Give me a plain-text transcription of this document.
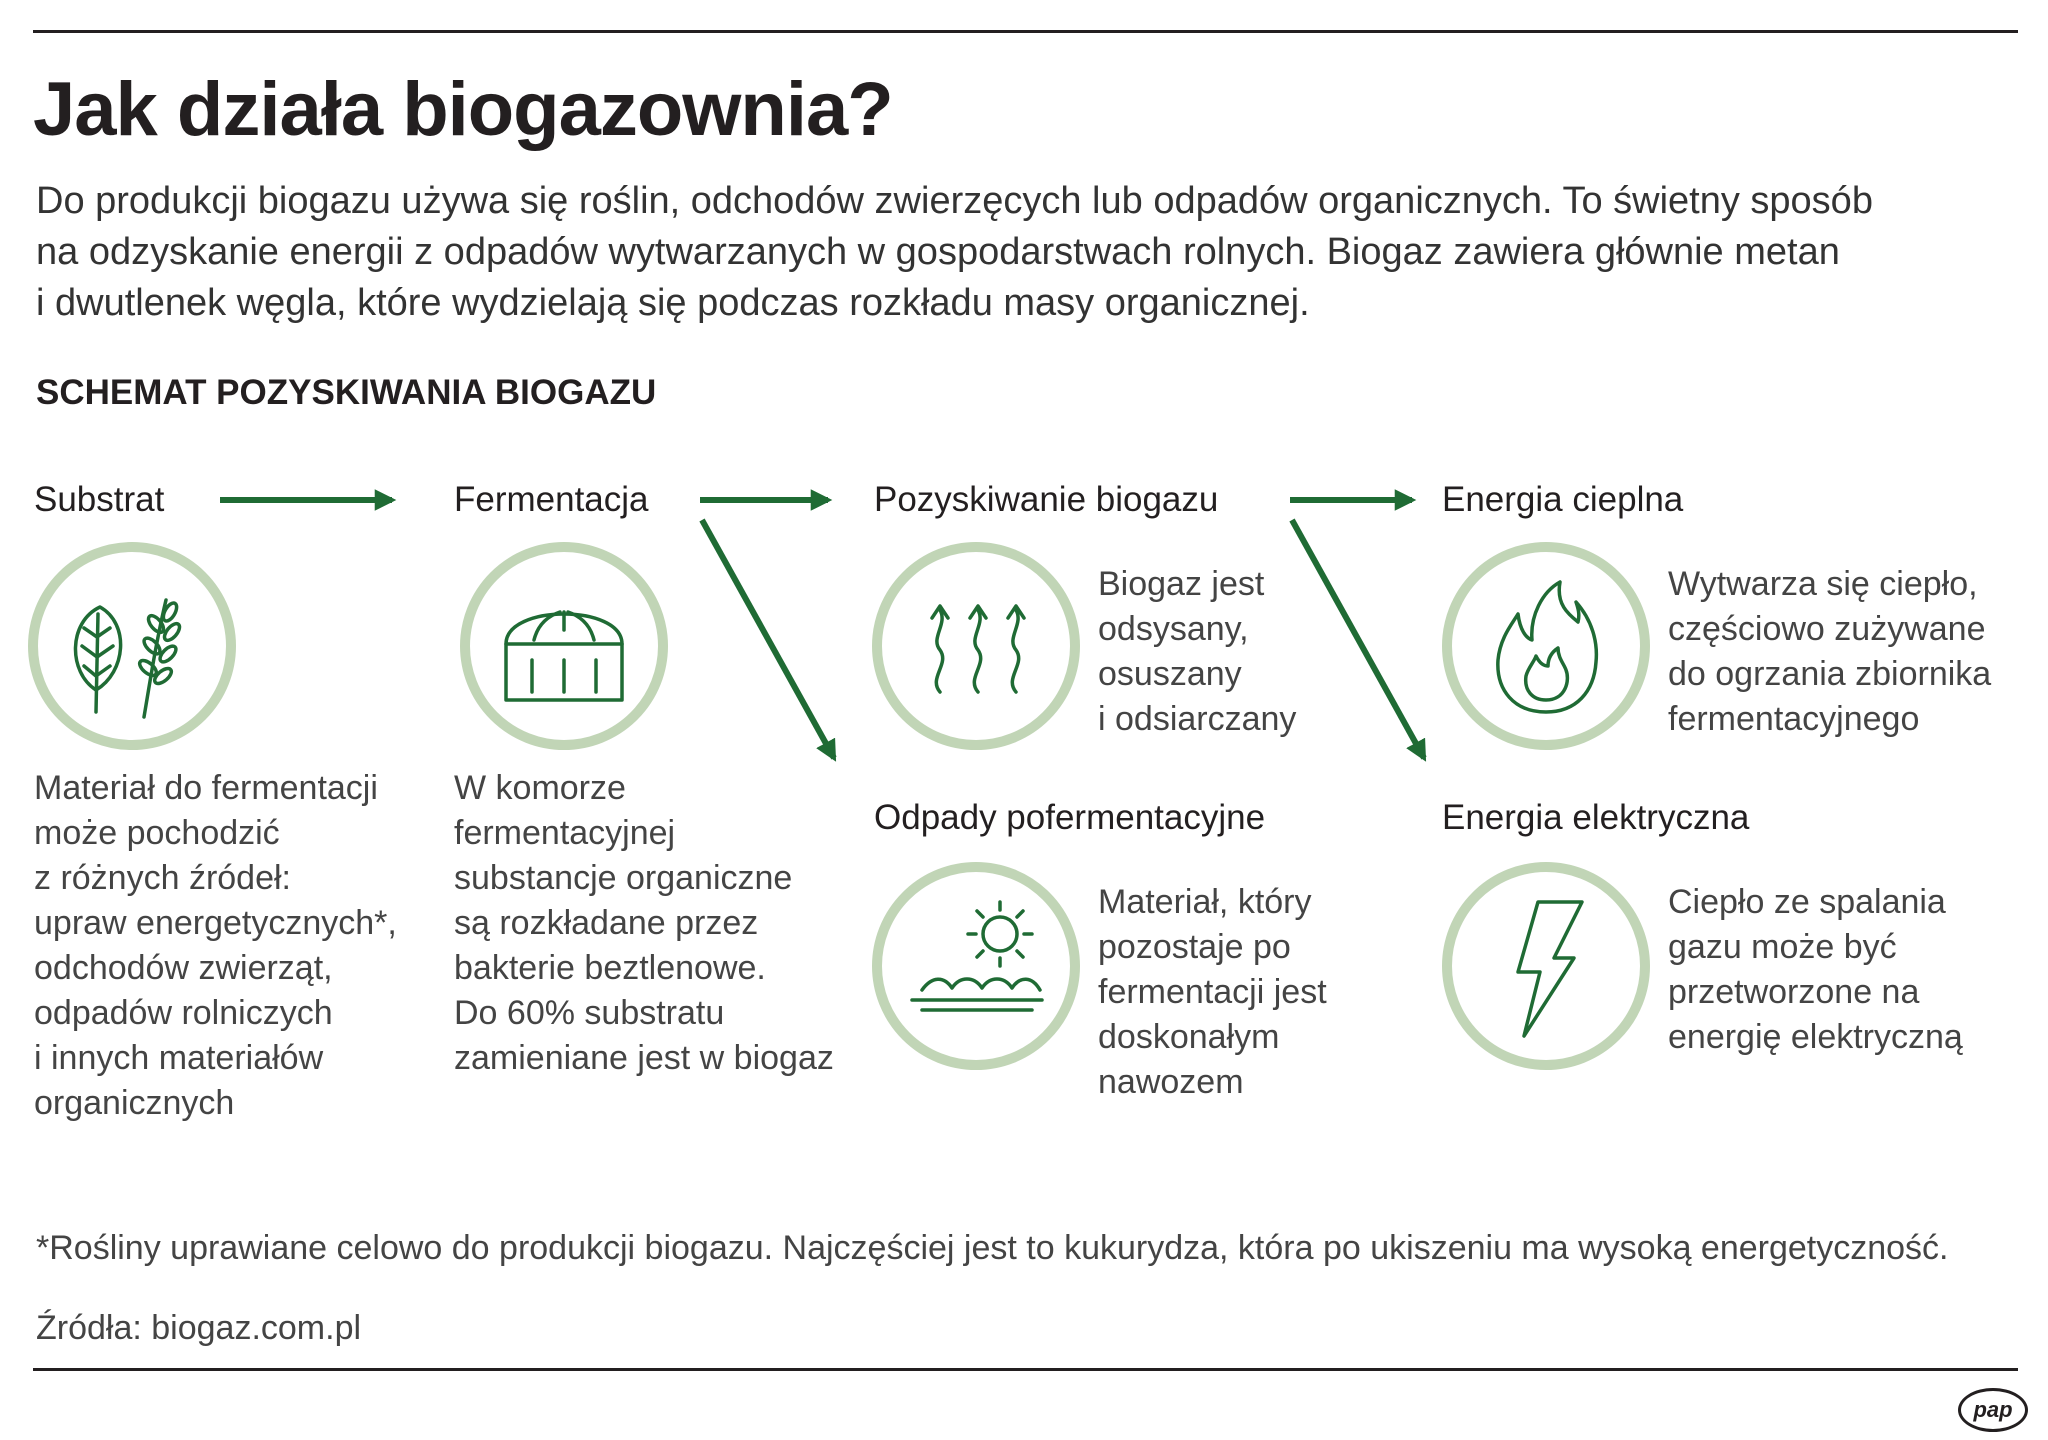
Jak działa biogazownia?

Do produkcji biogazu używa się roślin, odchodów zwierzęcych lub odpadów organicznych. To świetny sposób
na odzyskanie energii z odpadów wytwarzanych w gospodarstwach rolnych. Biogaz zawiera głównie metan
i dwutlenek węgla, które wydzielają się podczas rozkładu masy organicznej.

SCHEMAT POZYSKIWANIA BIOGAZU
Substrat

Materiał do fermentacji
może pochodzić
z różnych źródeł:
upraw energetycznych*,
odchodów zwierząt,
odpadów rolniczych
i innych materiałów
organicznych

Fermentacja

W komorze
fermentacyjnej
substancje organiczne
są rozkładane przez
bakterie beztlenowe.
Do 60% substratu
zamieniane jest w biogaz

Pozyskiwanie biogazu

Biogaz jest
odsysany,
osuszany
i odsiarczany

Odpady pofermentacyjne

Materiał, który
pozostaje po
fermentacji jest
doskonałym
nawozem

Energia cieplna

Wytwarza się ciepło,
częściowo zużywane
do ogrzania zbiornika
fermentacyjnego

Energia elektryczna

Ciepło ze spalania
gazu może być
przetworzone na
energię elektryczną

*Rośliny uprawiane celowo do produkcji biogazu. Najczęściej jest to kukurydza, która po ukiszeniu ma wysoką energetyczność.

Źródła: biogaz.com.pl

pap
